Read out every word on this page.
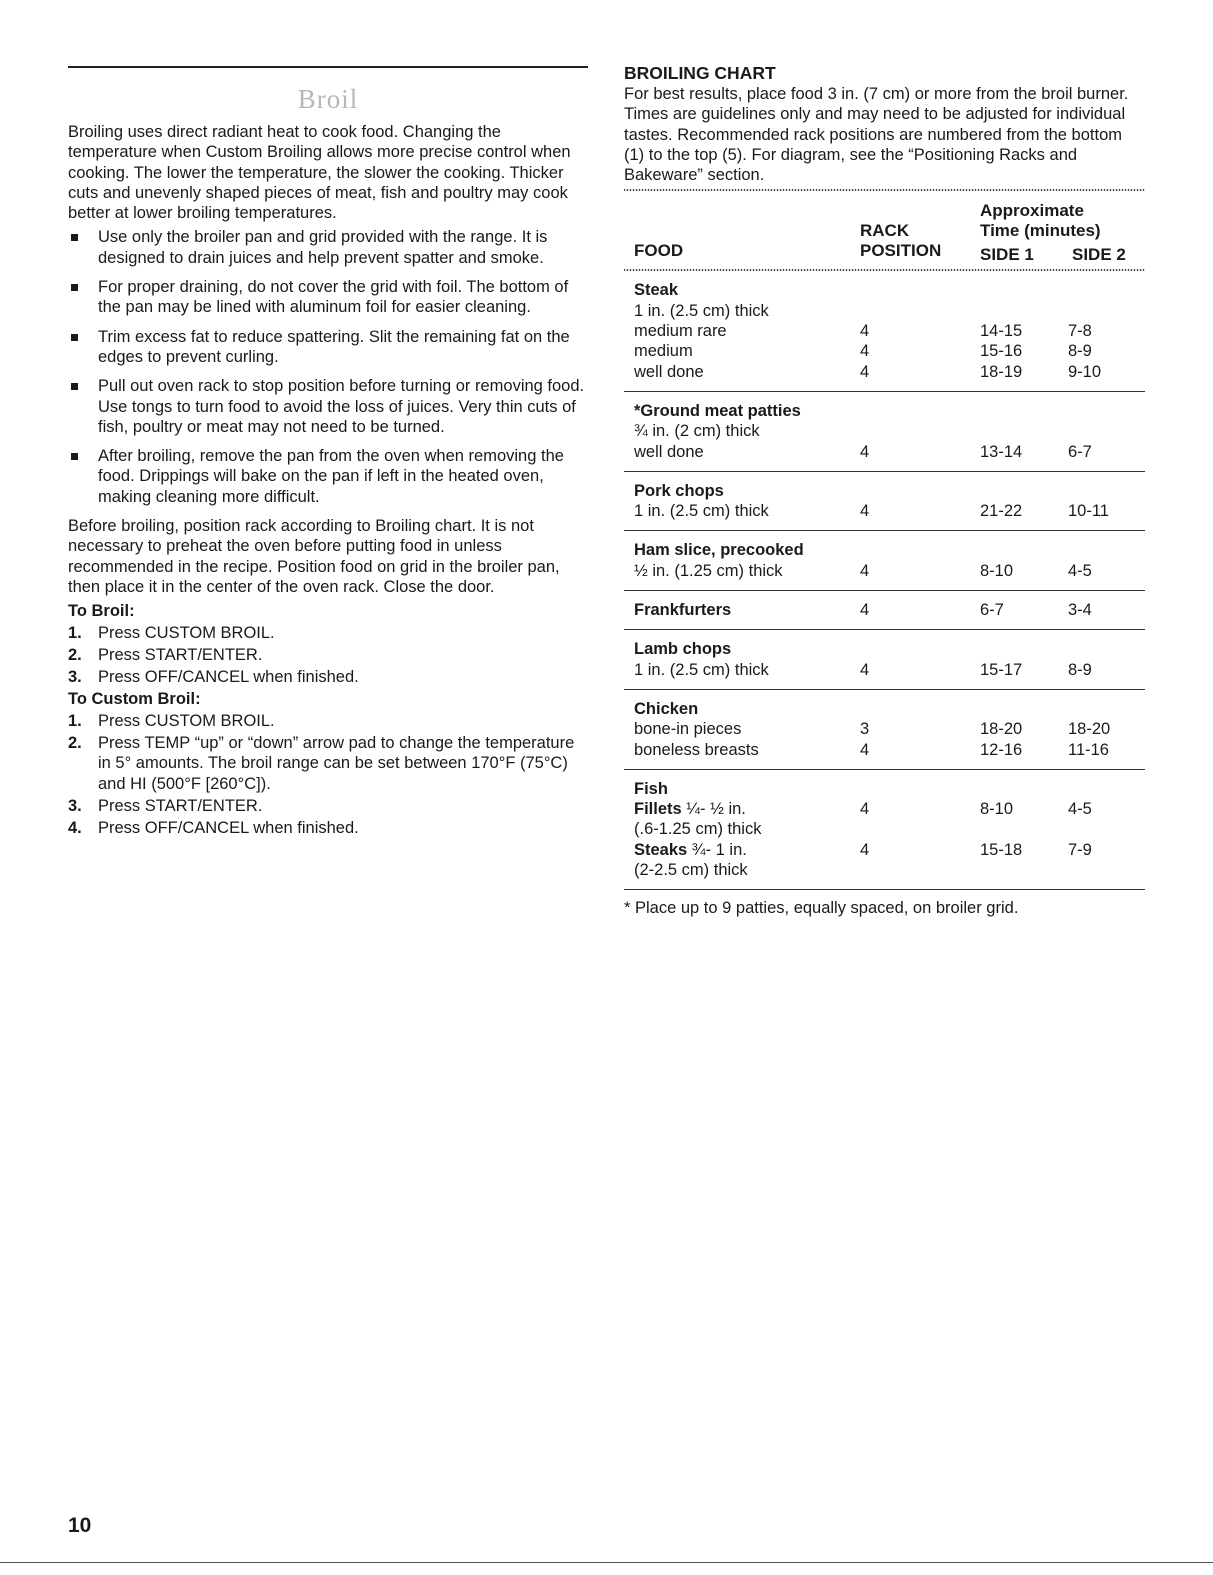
Broil

Broiling uses direct radiant heat to cook food. Changing the temperature when Custom Broiling allows more precise control when cooking. The lower the temperature, the slower the cooking. Thicker cuts and unevenly shaped pieces of meat, fish and poultry may cook better at lower broiling temperatures.

Use only the broiler pan and grid provided with the range. It is designed to drain juices and help prevent spatter and smoke.
For proper draining, do not cover the grid with foil. The bottom of the pan may be lined with aluminum foil for easier cleaning.
Trim excess fat to reduce spattering. Slit the remaining fat on the edges to prevent curling.
Pull out oven rack to stop position before turning or removing food. Use tongs to turn food to avoid the loss of juices. Very thin cuts of fish, poultry or meat may not need to be turned.
After broiling, remove the pan from the oven when removing the food. Drippings will bake on the pan if left in the heated oven, making cleaning more difficult.

Before broiling, position rack according to Broiling chart. It is not necessary to preheat the oven before putting food in unless recommended in the recipe. Position food on grid in the broiler pan, then place it in the center of the oven rack. Close the door.

To Broil:
1. Press CUSTOM BROIL.
2. Press START/ENTER.
3. Press OFF/CANCEL when finished.
To Custom Broil:
1. Press CUSTOM BROIL.
2. Press TEMP “up” or “down” arrow pad to change the temperature in 5° amounts. The broil range can be set between 170°F (75°C) and HI (500°F [260°C]).
3. Press START/ENTER.
4. Press OFF/CANCEL when finished.
BROILING CHART

For best results, place food 3 in. (7 cm) or more from the broil burner. Times are guidelines only and may need to be adjusted for individual tastes. Recommended rack positions are numbered from the bottom (1) to the top (5). For diagram, see the “Positioning Racks and Bakeware” section.

FOOD
RACK
POSITION
Approximate
Time (minutes)
SIDE 1 SIDE 2
Steak
1 in. (2.5 cm) thick
medium rare	4	14-15	7-8
medium	4	15-16	8-9
well done	4	18-19	9-10
*Ground meat patties
¾ in. (2 cm) thick
well done	4	13-14	6-7
Pork chops
1 in. (2.5 cm) thick	4	21-22	10-11
Ham slice, precooked
½ in. (1.25 cm) thick	4	8-10	4-5
Frankfurters	4	6-7	3-4
Lamb chops
1 in. (2.5 cm) thick	4	15-17	8-9
Chicken
bone-in pieces	3	18-20	18-20
boneless breasts	4	12-16	11-16
Fish
Fillets ¼- ½ in.	4	8-10	4-5
(.6-1.25 cm) thick
Steaks ¾- 1 in.	4	15-18	7-9
(2-2.5 cm) thick
* Place up to 9 patties, equally spaced, on broiler grid.
10
